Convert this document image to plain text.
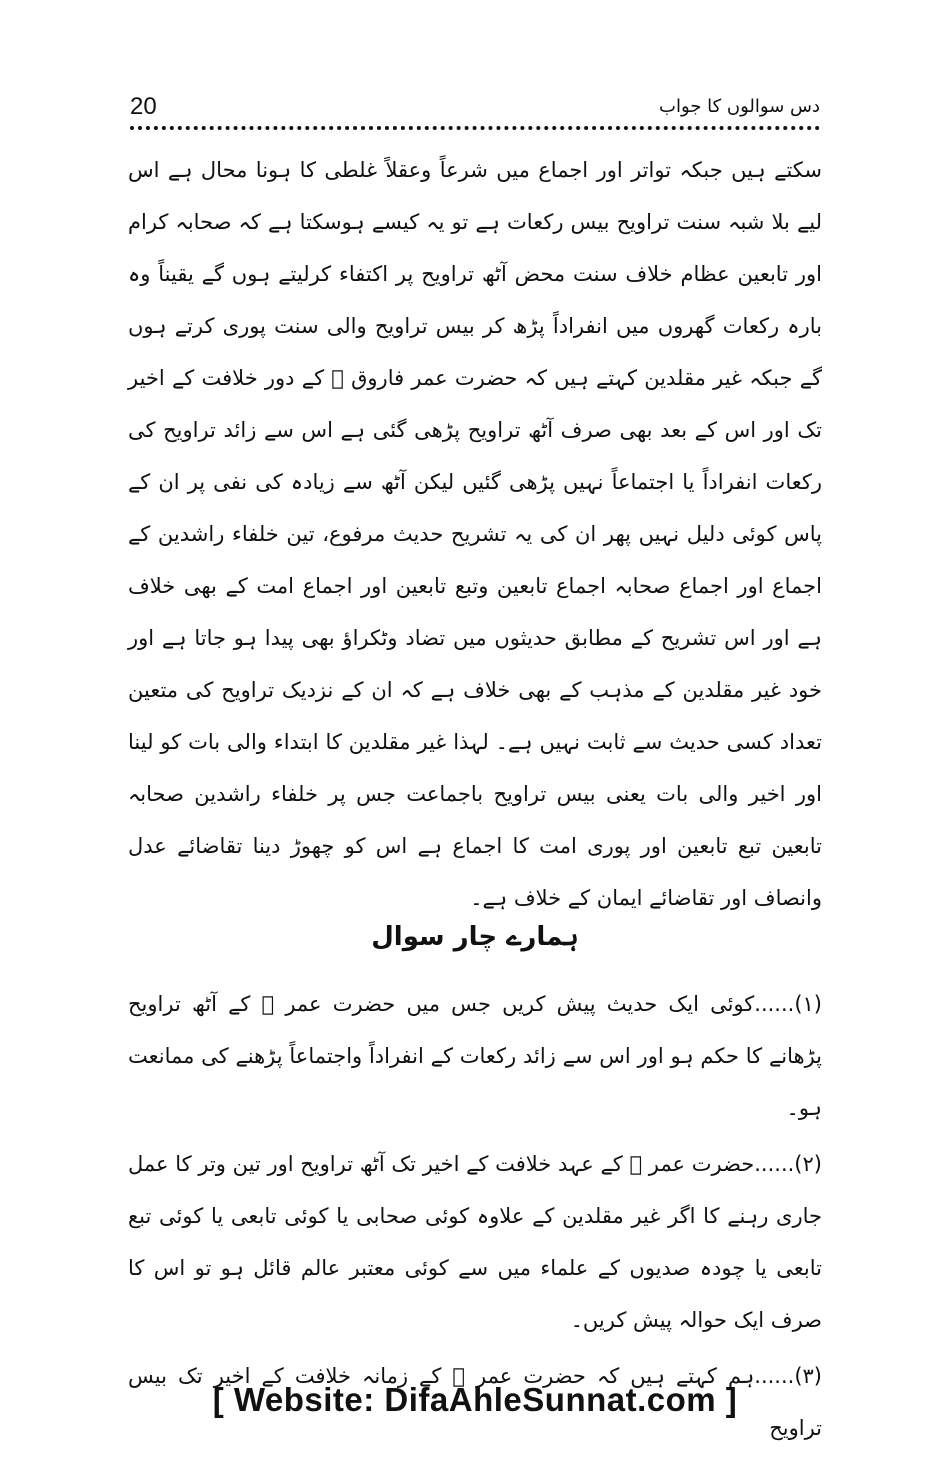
20	دس سوالوں کا جواب

سکتے ہیں جبکہ تواتر اور اجماع میں شرعاً وعقلاً غلطی کا ہونا محال ہے اس لیے بلا شبہ سنت تراویح بیس رکعات ہے تو یہ کیسے ہوسکتا ہے کہ صحابہ کرام اور تابعین عظام خلاف سنت محض آٹھ تراویح پر اکتفاء کرلیتے ہوں گے یقیناً وہ بارہ رکعات گھروں میں انفراداً پڑھ کر بیس تراویح والی سنت پوری کرتے ہوں گے جبکہ غیر مقلدین کہتے ہیں کہ حضرت عمر فاروق ﷜ کے دور خلافت کے اخیر تک اور اس کے بعد بھی صرف آٹھ تراویح پڑھی گئی ہے اس سے زائد تراویح کی رکعات انفراداً یا اجتماعاً نہیں پڑھی گئیں لیکن آٹھ سے زیادہ کی نفی پر ان کے پاس کوئی دلیل نہیں پھر ان کی یہ تشریح حدیث مرفوع، تین خلفاء راشدین کے اجماع اور اجماع صحابہ اجماع تابعین وتبع تابعین اور اجماع امت کے بھی خلاف ہے اور اس تشریح کے مطابق حدیثوں میں تضاد وٹکراؤ بھی پیدا ہو جاتا ہے اور خود غیر مقلدین کے مذہب کے بھی خلاف ہے کہ ان کے نزدیک تراویح کی متعین تعداد کسی حدیث سے ثابت نہیں ہے۔ لہذا غیر مقلدین کا ابتداء والی بات کو لینا اور اخیر والی بات یعنی بیس تراویح باجماعت جس پر خلفاء راشدین صحابہ تابعین تبع تابعین اور پوری امت کا اجماع ہے اس کو چھوڑ دینا تقاضائے عدل وانصاف اور تقاضائے ایمان کے خلاف ہے۔

ہمارے چار سوال
(۱)......کوئی ایک حدیث پیش کریں جس میں حضرت عمر ﷜ کے آٹھ تراویح پڑھانے کا حکم ہو اور اس سے زائد رکعات کے انفراداً واجتماعاً پڑھنے کی ممانعت ہو۔
(۲)......حضرت عمر ﷜ کے عہد خلافت کے اخیر تک آٹھ تراویح اور تین وتر کا عمل جاری رہنے کا اگر غیر مقلدین کے علاوہ کوئی صحابی یا کوئی تابعی یا کوئی تبع تابعی یا چودہ صدیوں کے علماء میں سے کوئی معتبر عالم قائل ہو تو اس کا صرف ایک حوالہ پیش کریں۔
(۳)......ہم کہتے ہیں کہ حضرت عمر ﷜ کے زمانہ خلافت کے اخیر تک بیس تراویح
[ Website: DifaAhleSunnat.com ]
